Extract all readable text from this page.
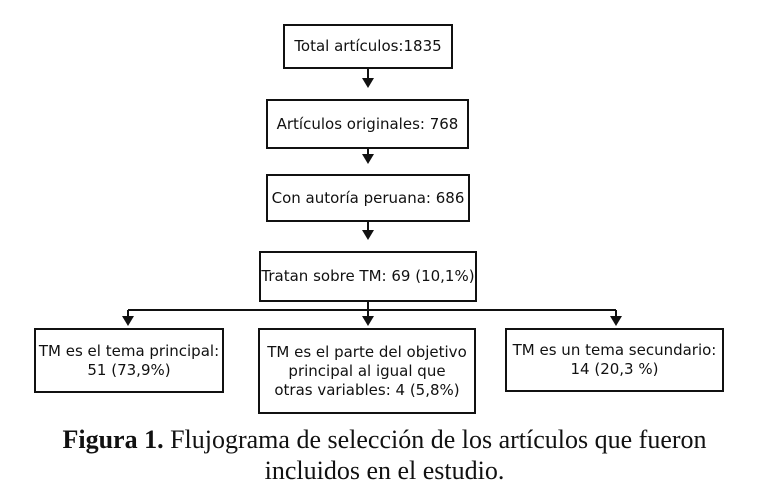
Total artículos:1835
Artículos originales: 768
Con autoría peruana: 686
Tratan sobre TM: 69 (10,1%)
TM es el tema principal:
51 (73,9%)
TM es el parte del objetivo
principal al igual que
otras variables: 4 (5,8%)
TM es un tema secundario:
14 (20,3 %)
Figura 1. Flujograma de selección de los artículos que fueron
incluidos en el estudio.
